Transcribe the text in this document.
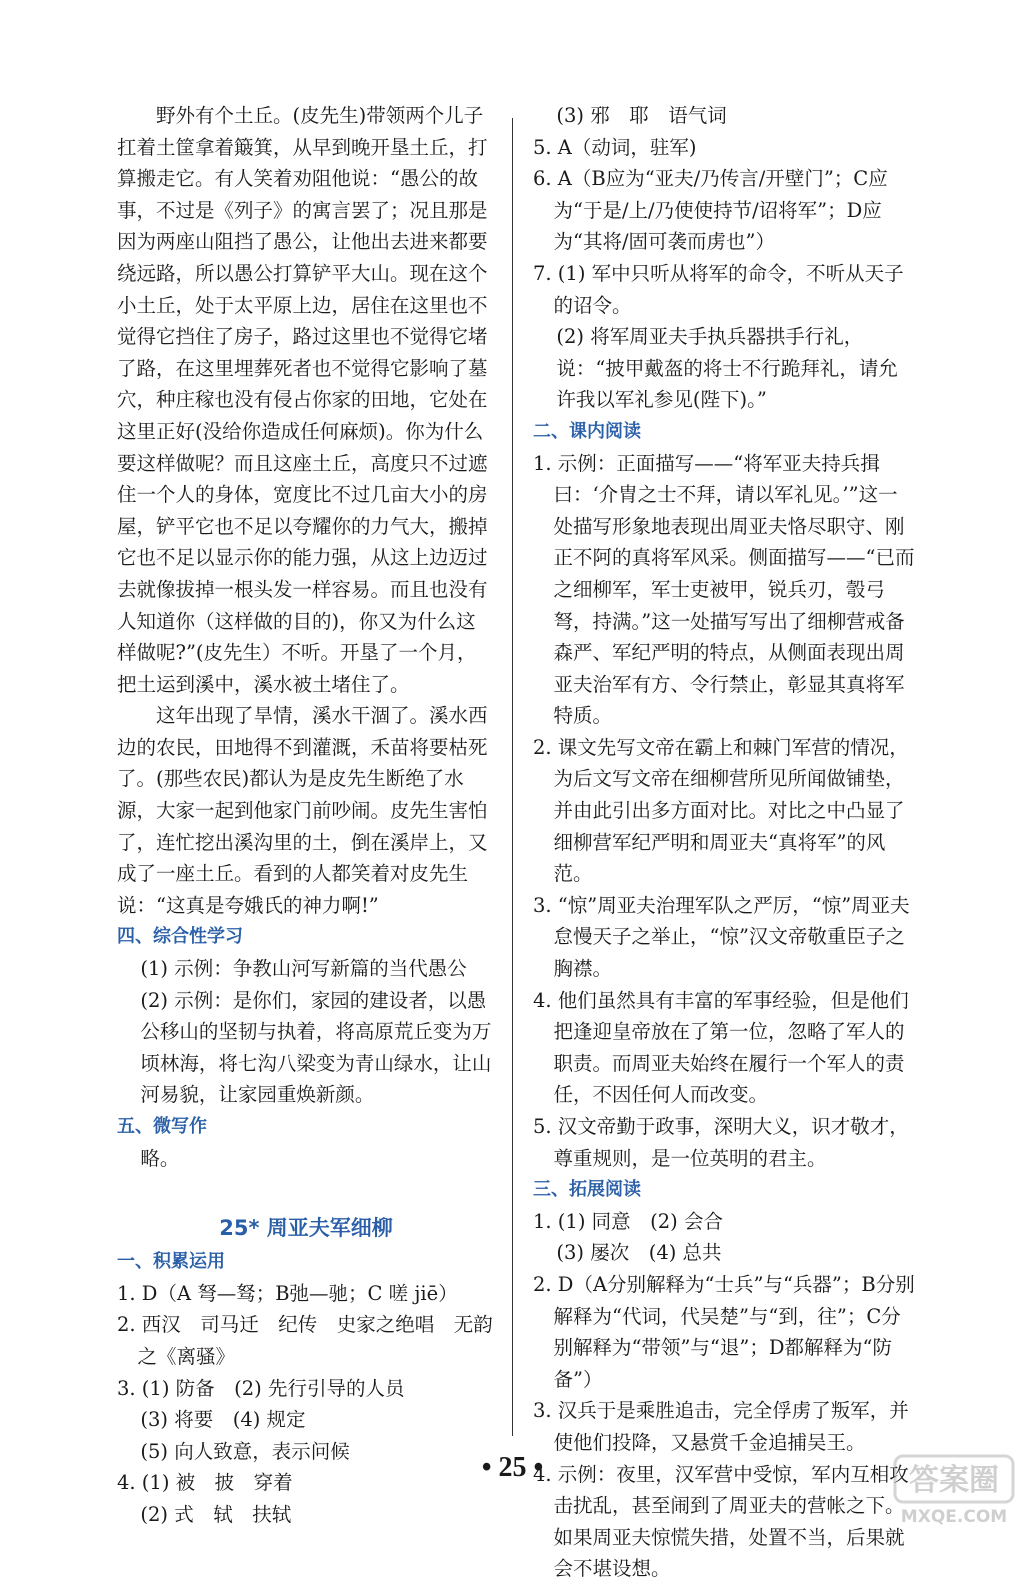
野外有个土丘。(皮先生)带领两个儿子扛着土筐拿着簸箕，从早到晚开垦土丘，打算搬走它。有人笑着劝阻他说：“愚公的故事，不过是《列子》的寓言罢了；况且那是因为两座山阻挡了愚公，让他出去进来都要绕远路，所以愚公打算铲平大山。现在这个小土丘，处于太平原上边，居住在这里也不觉得它挡住了房子，路过这里也不觉得它堵了路，在这里埋葬死者也不觉得它影响了墓穴，种庄稼也没有侵占你家的田地，它处在这里正好(没给你造成任何麻烦)。你为什么要这样做呢？而且这座土丘，高度只不过遮住一个人的身体，宽度比不过几亩大小的房屋，铲平它也不足以夸耀你的力气大，搬掉它也不足以显示你的能力强，从这上边迈过去就像拔掉一根头发一样容易。而且也没有人知道你（这样做的目的)，你又为什么这样做呢?”(皮先生）不听。开垦了一个月，把土运到溪中，溪水被土堵住了。

这年出现了旱情，溪水干涸了。溪水西边的农民，田地得不到灌溉，禾苗将要枯死了。(那些农民)都认为是皮先生断绝了水源，大家一起到他家门前吵闹。皮先生害怕了，连忙挖出溪沟里的土，倒在溪岸上，又成了一座土丘。看到的人都笑着对皮先生说：“这真是夸娥氏的神力啊!”

四、综合性学习

(1) 示例：争教山河写新篇的当代愚公

(2) 示例：是你们，家园的建设者，以愚公移山的坚韧与执着，将高原荒丘变为万顷林海，将七沟八梁变为青山绿水，让山河易貌，让家园重焕新颜。

五、微写作

略。

25* 周亚夫军细柳

一、积累运用

1. D（A 弩—驽；B弛—驰；C 嗟 jiē）

2. 西汉　司马迁　纪传　史家之绝唱　无韵之《离骚》

3. (1) 防备　(2) 先行引导的人员

(3) 将要　(4) 规定

(5) 向人致意，表示问候

4. (1) 被　披　穿着

(2) 式　轼　扶轼

(3) 邪　耶　语气词

5. A（动词，驻军)

6. A（B应为“亚夫/乃传言/开壁门”；C应为“于是/上/乃使使持节/诏将军”；D应为“其将/固可袭而虏也”）

7. (1) 军中只听从将军的命令，不听从天子的诏令。

(2) 将军周亚夫手执兵器拱手行礼，说：“披甲戴盔的将士不行跪拜礼，请允许我以军礼参见(陛下)。”

二、课内阅读

1. 示例：正面描写——“将军亚夫持兵揖曰：‘介胄之士不拜，请以军礼见。’”这一处描写形象地表现出周亚夫恪尽职守、刚正不阿的真将军风采。侧面描写——“已而之细柳军，军士吏被甲，锐兵刃，彀弓弩，持满。”这一处描写写出了细柳营戒备森严、军纪严明的特点，从侧面表现出周亚夫治军有方、令行禁止，彰显其真将军特质。

2. 课文先写文帝在霸上和棘门军营的情况，为后文写文帝在细柳营所见所闻做铺垫，并由此引出多方面对比。对比之中凸显了细柳营军纪严明和周亚夫“真将军”的风范。

3. “惊”周亚夫治理军队之严厉，“惊”周亚夫怠慢天子之举止，“惊”汉文帝敬重臣子之胸襟。

4. 他们虽然具有丰富的军事经验，但是他们把逢迎皇帝放在了第一位，忽略了军人的职责。而周亚夫始终在履行一个军人的责任，不因任何人而改变。

5. 汉文帝勤于政事，深明大义，识才敬才，尊重规则，是一位英明的君主。

三、拓展阅读

1. (1) 同意　(2) 会合

(3) 屡次　(4) 总共

2. D（A分别解释为“士兵”与“兵器”；B分别解释为“代词，代吴楚”与“到，往”；C分别解释为“带领”与“退”；D都解释为“防备”）

3. 汉兵于是乘胜追击，完全俘虏了叛军，并使他们投降，又悬赏千金追捕吴王。

4. 示例：夜里，汉军营中受惊，军内互相攻击扰乱，甚至闹到了周亚夫的营帐之下。如果周亚夫惊慌失措，处置不当，后果就会不堪设想。

• 25 •	答案圈
MXQE.COM
